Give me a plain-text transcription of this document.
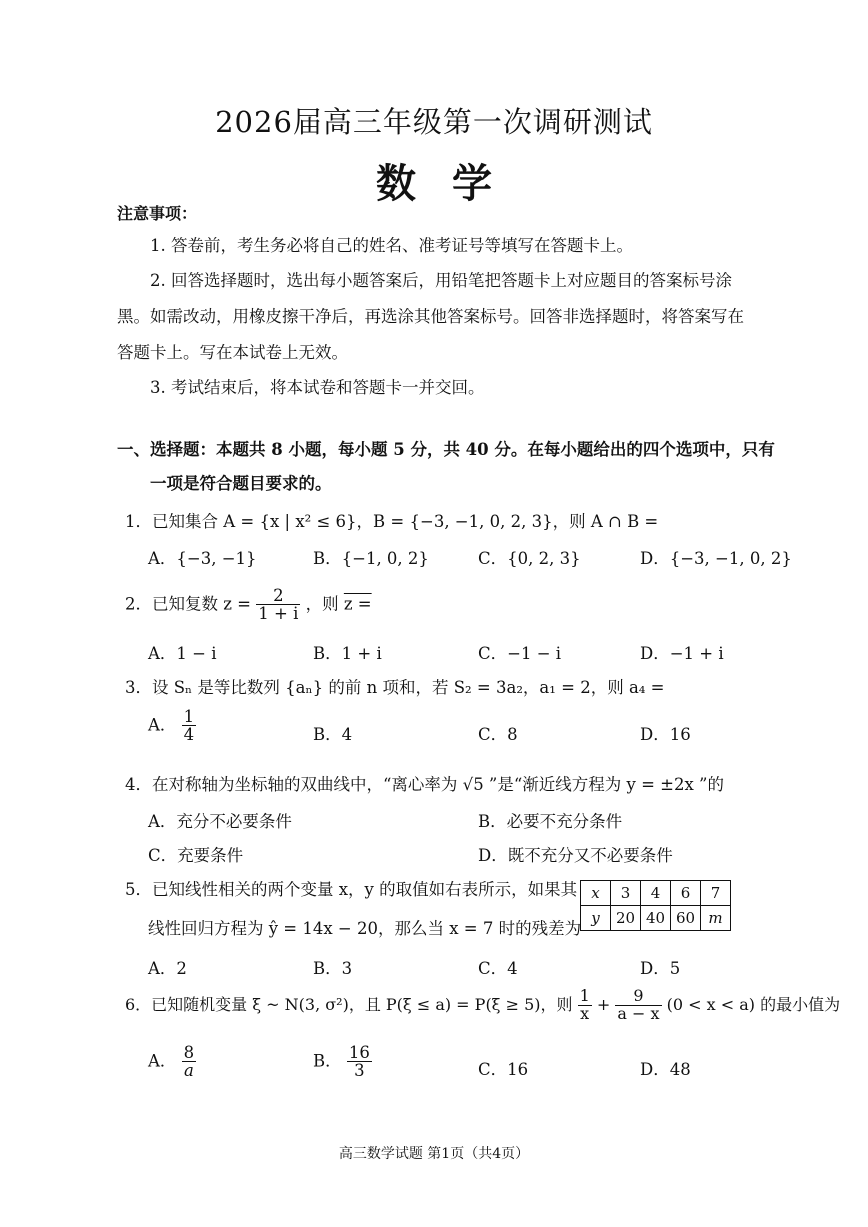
2026届高三年级第一次调研测试
数学
注意事项：
1. 答卷前，考生务必将自己的姓名、准考证号等填写在答题卡上。
2. 回答选择题时，选出每小题答案后，用铅笔把答题卡上对应题目的答案标号涂黑。如需改动，用橡皮擦干净后，再选涂其他答案标号。回答非选择题时，将答案写在答题卡上。写在本试卷上无效。
3. 考试结束后，将本试卷和答题卡一并交回。
一、选择题：本题共 8 小题，每小题 5 分，共 40 分。在每小题给出的四个选项中，只有
一项是符合题目要求的。
1．已知集合 A = {x | x² ≤ 6}，B = {−3, −1, 0, 2, 3}，则 A ∩ B =
A．{−3, −1}	B．{−1, 0, 2}	C．{0, 2, 3}	D．{−3, −1, 0, 2}
2．已知复数 $z = \frac{2}{1 + i}$ ，则 z =
A．1 − i	B．1 + i	C．−1 − i	D．−1 + i
3．设 Sₙ 是等比数列 {aₙ} 的前 n 项和，若 S₂ = 3a₂，a₁ = 2，则 a₄ =
A． $\frac{1}{4}$	B．4	C．8	D．16
4．在对称轴为坐标轴的双曲线中，“离心率为 √5 ”是“渐近线方程为 y = ±2x ”的
A．充分不必要条件	B．必要不充分条件
C．充要条件	D．既不充分又不必要条件
5．已知线性相关的两个变量 x，y 的取值如右表所示，如果其
线性回归方程为 ŷ = 14x − 20，那么当 x = 7 时的残差为
x	3	4	6	7
y	20	40	60	m
A．2	B．3	C．4	D．5
6．已知随机变量 ξ ~ N(3, σ²)，且 P(ξ ≤ a) = P(ξ ≥ 5)，则 $\frac{1}{x} + \frac{9}{a - x} (0 < x < a)$ 的最小值为
A． $\frac{8}{a}$	B． $\frac{16}{3}$	C．16	D．48
高三数学试题 第1页（共4页）
